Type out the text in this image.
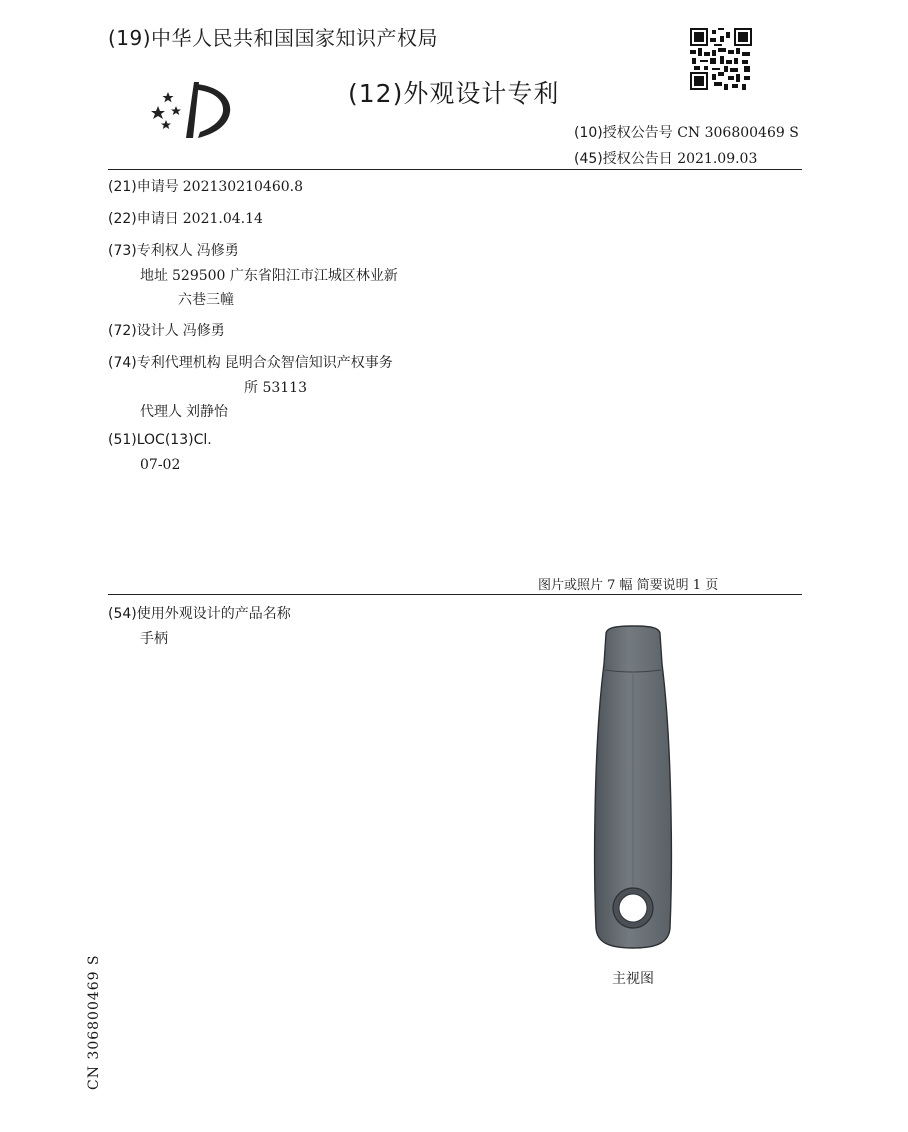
(19)中华人民共和国国家知识产权局
(12)外观设计专利
(10)授权公告号 CN 306800469 S
(45)授权公告日 2021.09.03
(21)申请号 202130210460.8
(22)申请日 2021.04.14
(73)专利权人 冯修勇
地址 529500 广东省阳江市江城区林业新
六巷三幢
(72)设计人 冯修勇
(74)专利代理机构 昆明合众智信知识产权事务
所 53113
代理人 刘静怡
(51)LOC(13)Cl.
07-02
图片或照片 7 幅 简要说明 1 页
(54)使用外观设计的产品名称
手柄
主视图
CN 306800469 S
